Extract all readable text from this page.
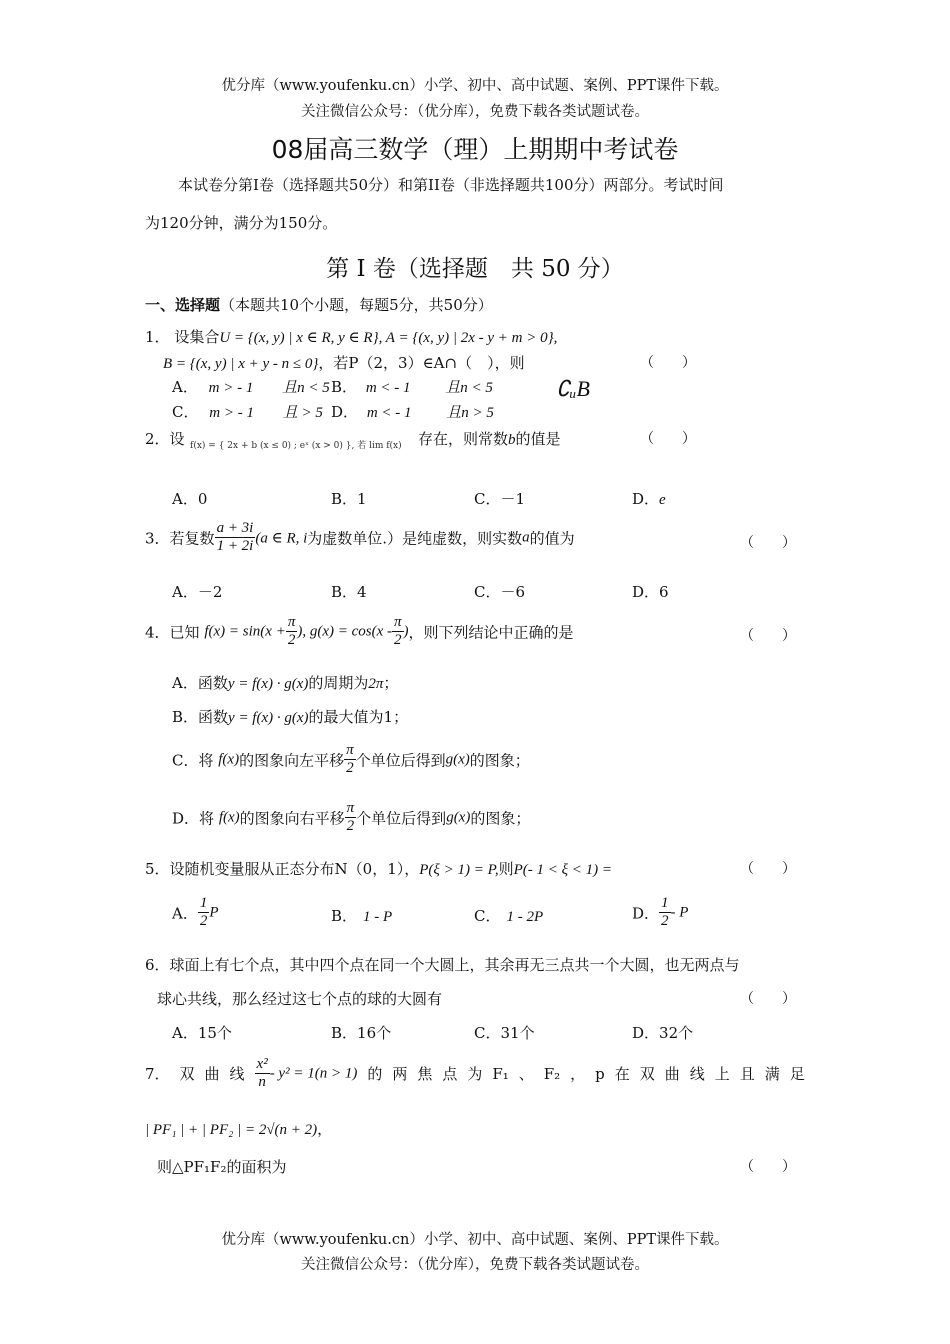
优分库（www.youfenku.cn）小学、初中、高中试题、案例、PPT课件下载。
关注微信公众号：（优分库），免费下载各类试题试卷。
08届高三数学（理）上期期中考试卷
本试卷分第I卷（选择题共50分）和第II卷（非选择题共100分）两部分。考试时间
为120分钟，满分为150分。
第 I 卷（选择题　共 50 分）
一、选择题（本题共10个小题，每题5分，共50分）
1． 设集合U = {(x, y) | x ∈ R, y ∈ R}, A = {(x, y) | 2x - y + m > 0},
B = {(x, y) | x + y - n ≤ 0}，若P（2，3）∈A∩（　），则	（　　）
∁ᵤB
A． m > - 1 且n < 5 B． m < - 1 且n < 5
C． m > - 1 且 > 5 D． m < - 1 且n > 5
2．设 f(x) = { 2x + b (x ≤ 0) ; eˣ (x > 0) }, 若 lim f(x) 存在，则常数b的值是	（　　）
A．0	B．1	C．－1	D．e
3．若复数 $\frac{a + 3i}{1 + 2i} (a$ ∈ R, i为虚数单位.）是纯虚数，则实数a的值为	（　　）
A．－2	B．4	C．－6	D．6
4．已知 $f(x) = \sin(x + \frac{\pi}{2}$ ), $g(x) = \cos(x - \frac{\pi}{2}$ )，则下列结论中正确的是	（　　）
A．函数y = f(x) · g(x)的周期为2π；
B．函数y = f(x) · g(x)的最大值为1；
C．将 f(x)的图象向左平移 $\frac{\pi}{2}$ 个单位后得到g(x)的图象；
D．将 f(x)的图象向右平移 $\frac{\pi}{2}$ 个单位后得到g(x)的图象；
5．设随机变量服从正态分布N（0，1），P(ξ > 1) = P,则P(- 1 < ξ < 1) =	（　　）
A． $\frac{1}{2}$ P	B． 1 - P	C． 1 - 2P	D． $\frac{1}{2}$ - P
6．球面上有七个点，其中四个点在同一个大圆上，其余再无三点共一个大圆，也无两点与
球心共线，那么经过这七个点的球的大圆有	（　　）
A．15个	B．16个	C．31个	D．32个
7． 双 曲 线 $\frac{\text{x²}}{n} - y^2 = 1(n > 1)$ 的 两 焦 点 为 F₁ 、 F₂ ， p 在 双 曲 线 上 且 满 足
| PF₁ | + | PF₂ | = 2√(n + 2)，
则△PF₁F₂的面积为	（　　）
优分库（www.youfenku.cn）小学、初中、高中试题、案例、PPT课件下载。
关注微信公众号：（优分库），免费下载各类试题试卷。
